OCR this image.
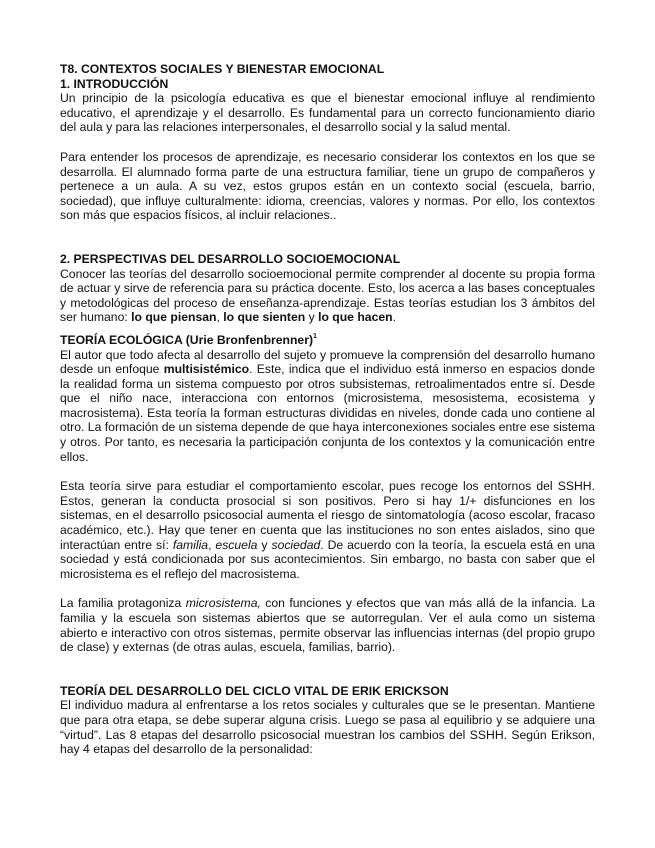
T8. CONTEXTOS SOCIALES Y BIENESTAR EMOCIONAL
1. INTRODUCCIÓN

Un principio de la psicología educativa es que el bienestar emocional influye al rendimiento educativo, el aprendizaje y el desarrollo. Es fundamental para un correcto funcionamiento diario del aula y para las relaciones interpersonales, el desarrollo social y la salud mental.

Para entender los procesos de aprendizaje, es necesario considerar los contextos en los que se desarrolla. El alumnado forma parte de una estructura familiar, tiene un grupo de compañeros y pertenece a un aula. A su vez, estos grupos están en un contexto social (escuela, barrio, sociedad), que influye culturalmente: idioma, creencias, valores y normas. Por ello, los contextos son más que espacios físicos, al incluir relaciones..

2. PERSPECTIVAS DEL DESARROLLO SOCIOEMOCIONAL

Conocer las teorías del desarrollo socioemocional permite comprender al docente su propia forma de actuar y sirve de referencia para su práctica docente. Esto, los acerca a las bases conceptuales y metodológicas del proceso de enseñanza-aprendizaje. Estas teorías estudian los 3 ámbitos del ser humano: lo que piensan, lo que sienten y lo que hacen.

TEORÍA ECOLÓGICA (Urie Bronfenbrenner)$^1$

El autor que todo afecta al desarrollo del sujeto y promueve la comprensión del desarrollo humano desde un enfoque multisistémico. Este, indica que el individuo está inmerso en espacios donde la realidad forma un sistema compuesto por otros subsistemas, retroalimentados entre sí. Desde que el niño nace, interacciona con entornos (microsistema, mesosistema, ecosistema y macrosistema). Esta teoría la forman estructuras divididas en niveles, donde cada uno contiene al otro. La formación de un sistema depende de que haya interconexiones sociales entre ese sistema y otros. Por tanto, es necesaria la participación conjunta de los contextos y la comunicación entre ellos.

Esta teoría sirve para estudiar el comportamiento escolar, pues recoge los entornos del SSHH. Estos, generan la conducta prosocial si son positivos. Pero si hay 1/+ disfunciones en los sistemas, en el desarrollo psicosocial aumenta el riesgo de sintomatología (acoso escolar, fracaso académico, etc.). Hay que tener en cuenta que las instituciones no son entes aislados, sino que interactúan entre sí: familia, escuela y sociedad. De acuerdo con la teoría, la escuela está en una sociedad y está condicionada por sus acontecimientos. Sin embargo, no basta con saber que el microsistema es el reflejo del macrosistema.

La familia protagoniza microsistema, con funciones y efectos que van más allá de la infancia. La familia y la escuela son sistemas abiertos que se autorregulan. Ver el aula como un sistema abierto e interactivo con otros sistemas, permite observar las influencias internas (del propio grupo de clase) y externas (de otras aulas, escuela, familias, barrio).

TEORÍA DEL DESARROLLO DEL CICLO VITAL DE ERIK ERICKSON

El individuo madura al enfrentarse a los retos sociales y culturales que se le presentan. Mantiene que para otra etapa, se debe superar alguna crisis. Luego se pasa al equilibrio y se adquiere una “virtud”. Las 8 etapas del desarrollo psicosocial muestran los cambios del SSHH. Según Erikson, hay 4 etapas del desarrollo de la personalidad:
